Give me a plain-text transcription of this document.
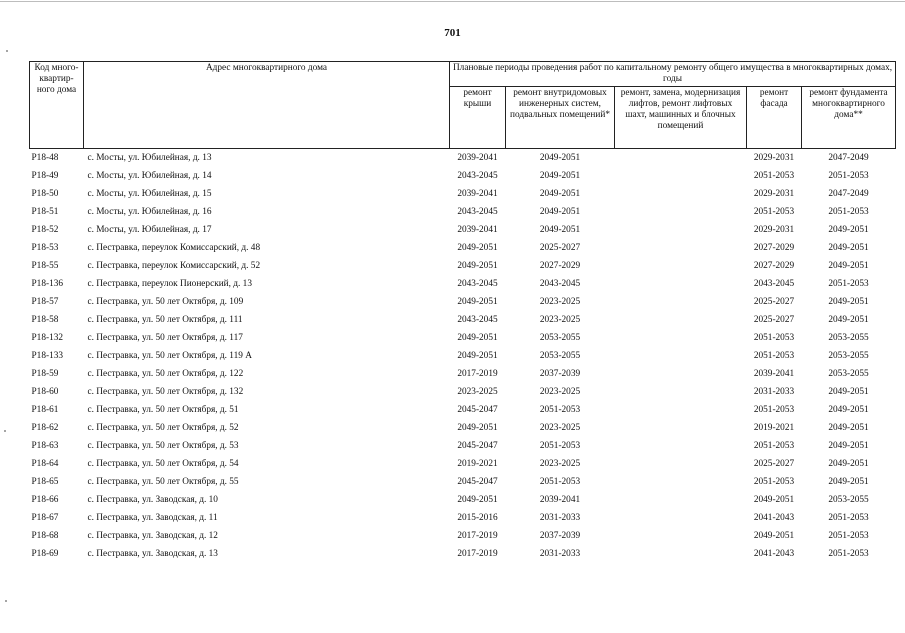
701
Код много-квартир-ного дома	Адрес многоквартирного дома	Плановые периоды проведения работ по капитальному ремонту общего имущества в многоквартирных домах, годы				
		ремонт крыши	ремонт внутридомовых инженерных систем, подвальных помещений*	ремонт, замена, модернизация лифтов, ремонт лифтовых шахт, машинных и блочных помещений	ремонт фасада	ремонт фундамента многоквартирного дома**
P18-48	с. Мосты, ул. Юбилейная, д. 13	2039-2041	2049-2051		2029-2031	2047-2049
P18-49	с. Мосты, ул. Юбилейная, д. 14	2043-2045	2049-2051		2051-2053	2051-2053
P18-50	с. Мосты, ул. Юбилейная, д. 15	2039-2041	2049-2051		2029-2031	2047-2049
P18-51	с. Мосты, ул. Юбилейная, д. 16	2043-2045	2049-2051		2051-2053	2051-2053
P18-52	с. Мосты, ул. Юбилейная, д. 17	2039-2041	2049-2051		2029-2031	2049-2051
P18-53	с. Пестравка, переулок Комиссарский, д. 48	2049-2051	2025-2027		2027-2029	2049-2051
P18-55	с. Пестравка, переулок Комиссарский, д. 52	2049-2051	2027-2029		2027-2029	2049-2051
P18-136	с. Пестравка, переулок Пионерский, д. 13	2043-2045	2043-2045		2043-2045	2051-2053
P18-57	с. Пестравка, ул. 50 лет Октября, д. 109	2049-2051	2023-2025		2025-2027	2049-2051
P18-58	с. Пестравка, ул. 50 лет Октября, д. 111	2043-2045	2023-2025		2025-2027	2049-2051
P18-132	с. Пестравка, ул. 50 лет Октября, д. 117	2049-2051	2053-2055		2051-2053	2053-2055
P18-133	с. Пестравка, ул. 50 лет Октября, д. 119 А	2049-2051	2053-2055		2051-2053	2053-2055
P18-59	с. Пестравка, ул. 50 лет Октября, д. 122	2017-2019	2037-2039		2039-2041	2053-2055
P18-60	с. Пестравка, ул. 50 лет Октября, д. 132	2023-2025	2023-2025		2031-2033	2049-2051
P18-61	с. Пестравка, ул. 50 лет Октября, д. 51	2045-2047	2051-2053		2051-2053	2049-2051
P18-62	с. Пестравка, ул. 50 лет Октября, д. 52	2049-2051	2023-2025		2019-2021	2049-2051
P18-63	с. Пестравка, ул. 50 лет Октября, д. 53	2045-2047	2051-2053		2051-2053	2049-2051
P18-64	с. Пестравка, ул. 50 лет Октября, д. 54	2019-2021	2023-2025		2025-2027	2049-2051
P18-65	с. Пестравка, ул. 50 лет Октября, д. 55	2045-2047	2051-2053		2051-2053	2049-2051
P18-66	с. Пестравка, ул. Заводская, д. 10	2049-2051	2039-2041		2049-2051	2053-2055
P18-67	с. Пестравка, ул. Заводская, д. 11	2015-2016	2031-2033		2041-2043	2051-2053
P18-68	с. Пестравка, ул. Заводская, д. 12	2017-2019	2037-2039		2049-2051	2051-2053
P18-69	с. Пестравка, ул. Заводская, д. 13	2017-2019	2031-2033		2041-2043	2051-2053
